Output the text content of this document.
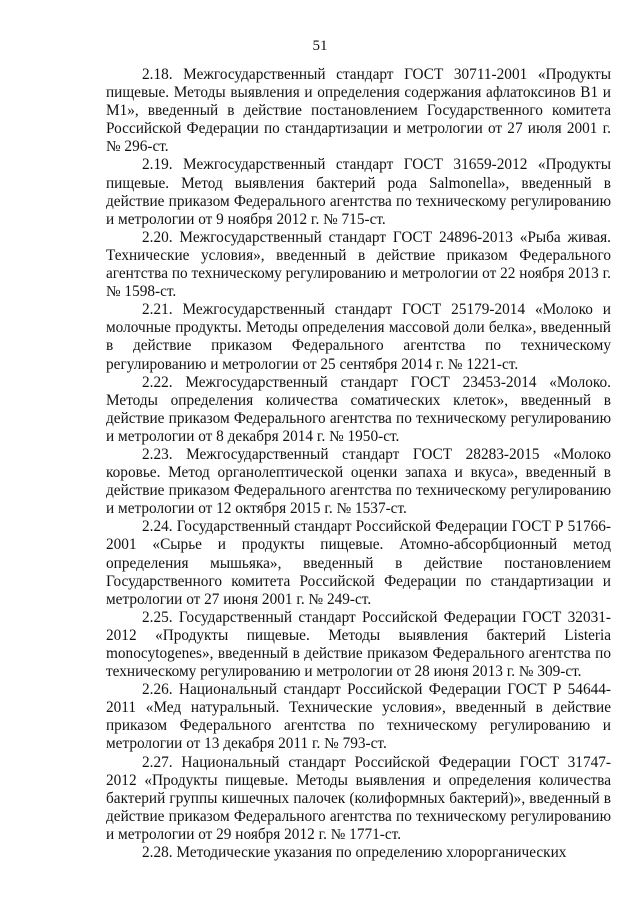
51

2.18. Межгосударственный стандарт ГОСТ 30711-2001 «Продукты пищевые. Методы выявления и определения содержания афлатоксинов B1 и M1», введенный в действие постановлением Государственного комитета Российской Федерации по стандартизации и метрологии от 27 июля 2001 г. № 296-ст.

2.19. Межгосударственный стандарт ГОСТ 31659-2012 «Продукты пищевые. Метод выявления бактерий рода Salmonella», введенный в действие приказом Федерального агентства по техническому регулированию и метрологии от 9 ноября 2012 г. № 715-ст.

2.20. Межгосударственный стандарт ГОСТ 24896-2013 «Рыба живая. Технические условия», введенный в действие приказом Федерального агентства по техническому регулированию и метрологии от 22 ноября 2013 г. № 1598-ст.

2.21. Межгосударственный стандарт ГОСТ 25179-2014 «Молоко и молочные продукты. Методы определения массовой доли белка», введенный в действие приказом Федерального агентства по техническому регулированию и метрологии от 25 сентября 2014 г. № 1221-ст.

2.22. Межгосударственный стандарт ГОСТ 23453-2014 «Молоко. Методы определения количества соматических клеток», введенный в действие приказом Федерального агентства по техническому регулированию и метрологии от 8 декабря 2014 г. № 1950-ст.

2.23. Межгосударственный стандарт ГОСТ 28283-2015 «Молоко коровье. Метод органолептической оценки запаха и вкуса», введенный в действие приказом Федерального агентства по техническому регулированию и метрологии от 12 октября 2015 г. № 1537-ст.

2.24. Государственный стандарт Российской Федерации ГОСТ Р 51766-2001 «Сырье и продукты пищевые. Атомно-абсорбционный метод определения мышьяка», введенный в действие постановлением Государственного комитета Российской Федерации по стандартизации и метрологии от 27 июня 2001 г. № 249-ст.

2.25. Государственный стандарт Российской Федерации ГОСТ 32031-2012 «Продукты пищевые. Методы выявления бактерий Listeria monocytogenes», введенный в действие приказом Федерального агентства по техническому регулированию и метрологии от 28 июня 2013 г. № 309-ст.

2.26. Национальный стандарт Российской Федерации ГОСТ Р 54644-2011 «Мед натуральный. Технические условия», введенный в действие приказом Федерального агентства по техническому регулированию и метрологии от 13 декабря 2011 г. № 793-ст.

2.27. Национальный стандарт Российской Федерации ГОСТ 31747-2012 «Продукты пищевые. Методы выявления и определения количества бактерий группы кишечных палочек (колиформных бактерий)», введенный в действие приказом Федерального агентства по техническому регулированию и метрологии от 29 ноября 2012 г. № 1771-ст.

2.28. Методические указания по определению хлорорганических
